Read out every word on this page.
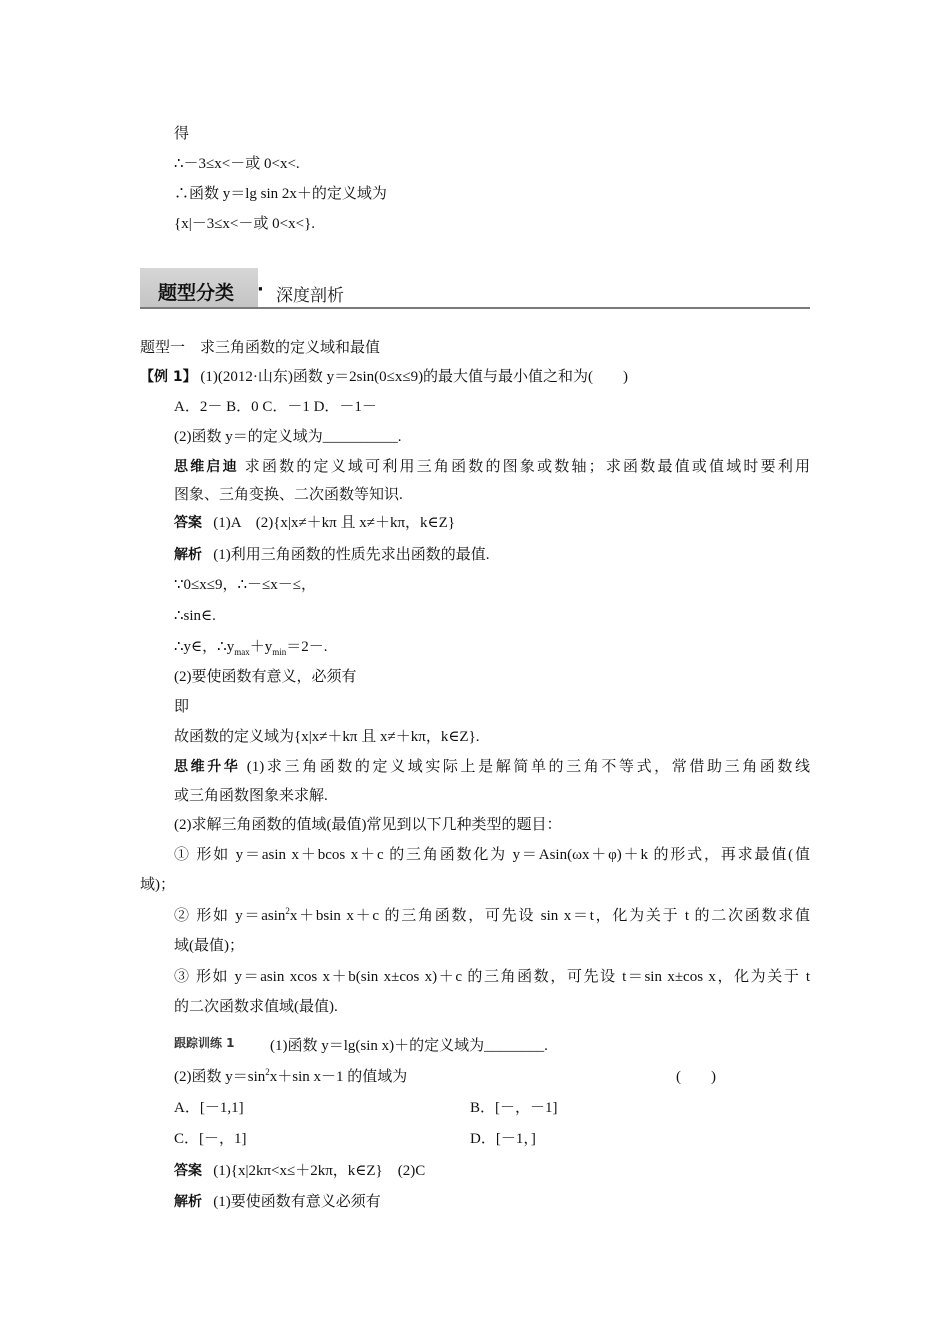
得
∴－3≤x<－或 0<x<.
∴函数 y＝lg sin 2x＋的定义域为
{x|－3≤x<－或 0<x<}.
题型分类 · 深度剖析
题型一　求三角函数的定义域和最值
【例 1】 (1)(2012·山东)函数 y＝2sin(0≤x≤9)的最大值与最小值之和为(　　)
A．2－ B．0 C．－1 D．－1－
(2)函数 y＝的定义域为__________.
思维启迪 求函数的定义域可利用三角函数的图象或数轴；求函数最值或值域时要利用
图象、三角变换、二次函数等知识.
答案 (1)A　(2){x|x≠＋kπ 且 x≠＋kπ，k∈Z}
解析 (1)利用三角函数的性质先求出函数的最值.
∵0≤x≤9，∴－≤x－≤，
∴sin∈.
∴y∈，$\therefore y_{max}+y_{min}=2-$.
(2)要使函数有意义，必须有
即
故函数的定义域为{x|x≠＋kπ 且 x≠＋kπ，k∈Z}.
思维升华 (1)求三角函数的定义域实际上是解简单的三角不等式，常借助三角函数线
或三角函数图象来求解.
(2)求解三角函数的值域(最值)常见到以下几种类型的题目：
① 形如 y＝asin x＋bcos x＋c 的三角函数化为 y＝Asin(ωx＋φ)＋k 的形式，再求最值(值
域)；
② 形如 y＝asin$^2$x＋bsin x＋c 的三角函数，可先设 sin x＝t，化为关于 t 的二次函数求值
域(最值)；
③ 形如 y＝asin xcos x＋b(sin x±cos x)＋c 的三角函数，可先设 t＝sin x±cos x，化为关于 t
的二次函数求值域(最值).
跟踪训练 1 (1)函数 y＝lg(sin x)＋的定义域为________.
(2)函数 $y=\sin^2x+\sin$ x－1 的值域为	(　　)
A．[－1,1]	B．[－，－1]
C．[－，1]	D．[－1，]
答案 (1){x|2kπ<x≤＋2kπ，k∈Z}　(2)C
解析 (1)要使函数有意义必须有
